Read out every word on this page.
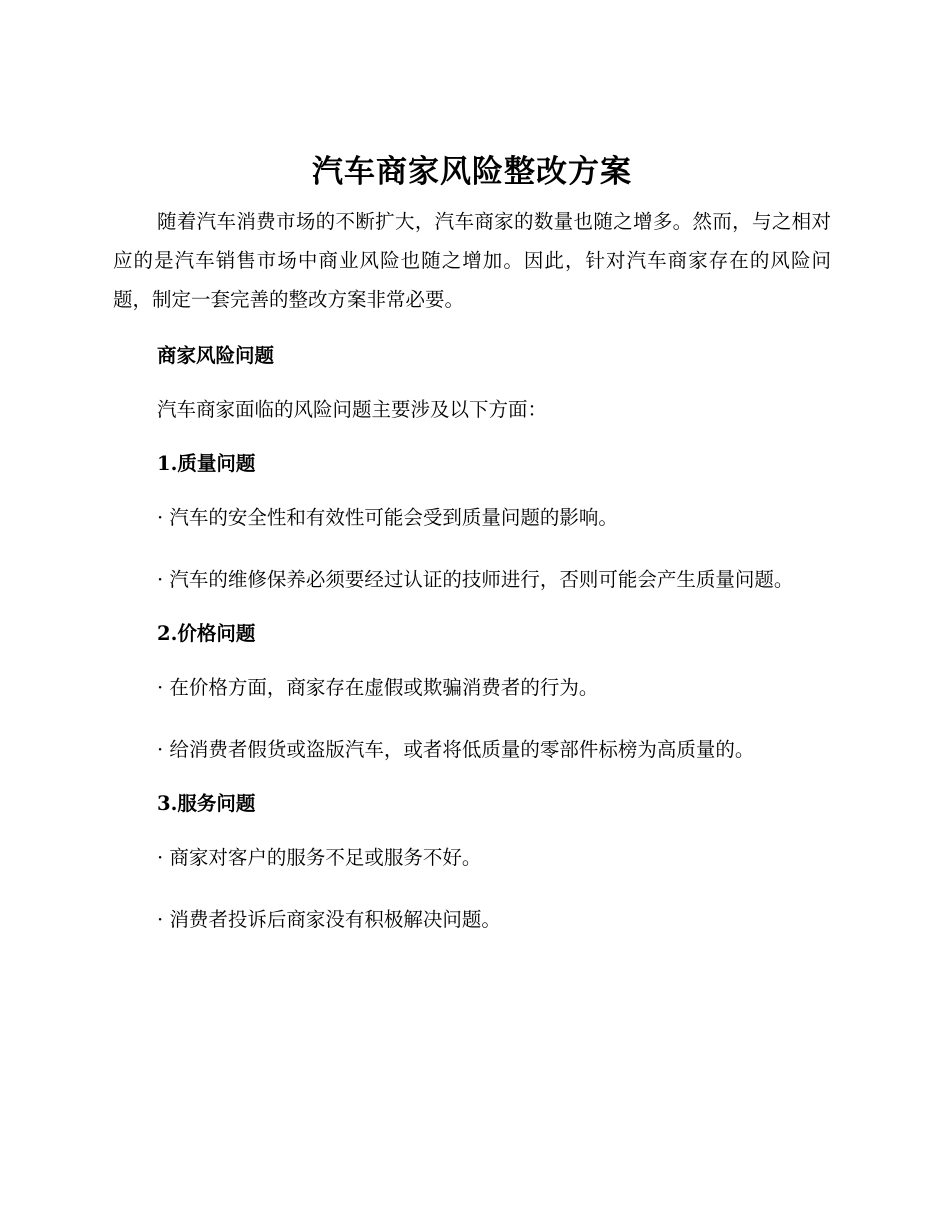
汽车商家风险整改方案

随着汽车消费市场的不断扩大，汽车商家的数量也随之增多。然而，与之相对应的是汽车销售市场中商业风险也随之增加。因此，针对汽车商家存在的风险问题，制定一套完善的整改方案非常必要。

商家风险问题

汽车商家面临的风险问题主要涉及以下方面：

1.质量问题

· 汽车的安全性和有效性可能会受到质量问题的影响。

· 汽车的维修保养必须要经过认证的技师进行，否则可能会产生质量问题。

2.价格问题

· 在价格方面，商家存在虚假或欺骗消费者的行为。

· 给消费者假货或盗版汽车，或者将低质量的零部件标榜为高质量的。

3.服务问题

· 商家对客户的服务不足或服务不好。

· 消费者投诉后商家没有积极解决问题。
